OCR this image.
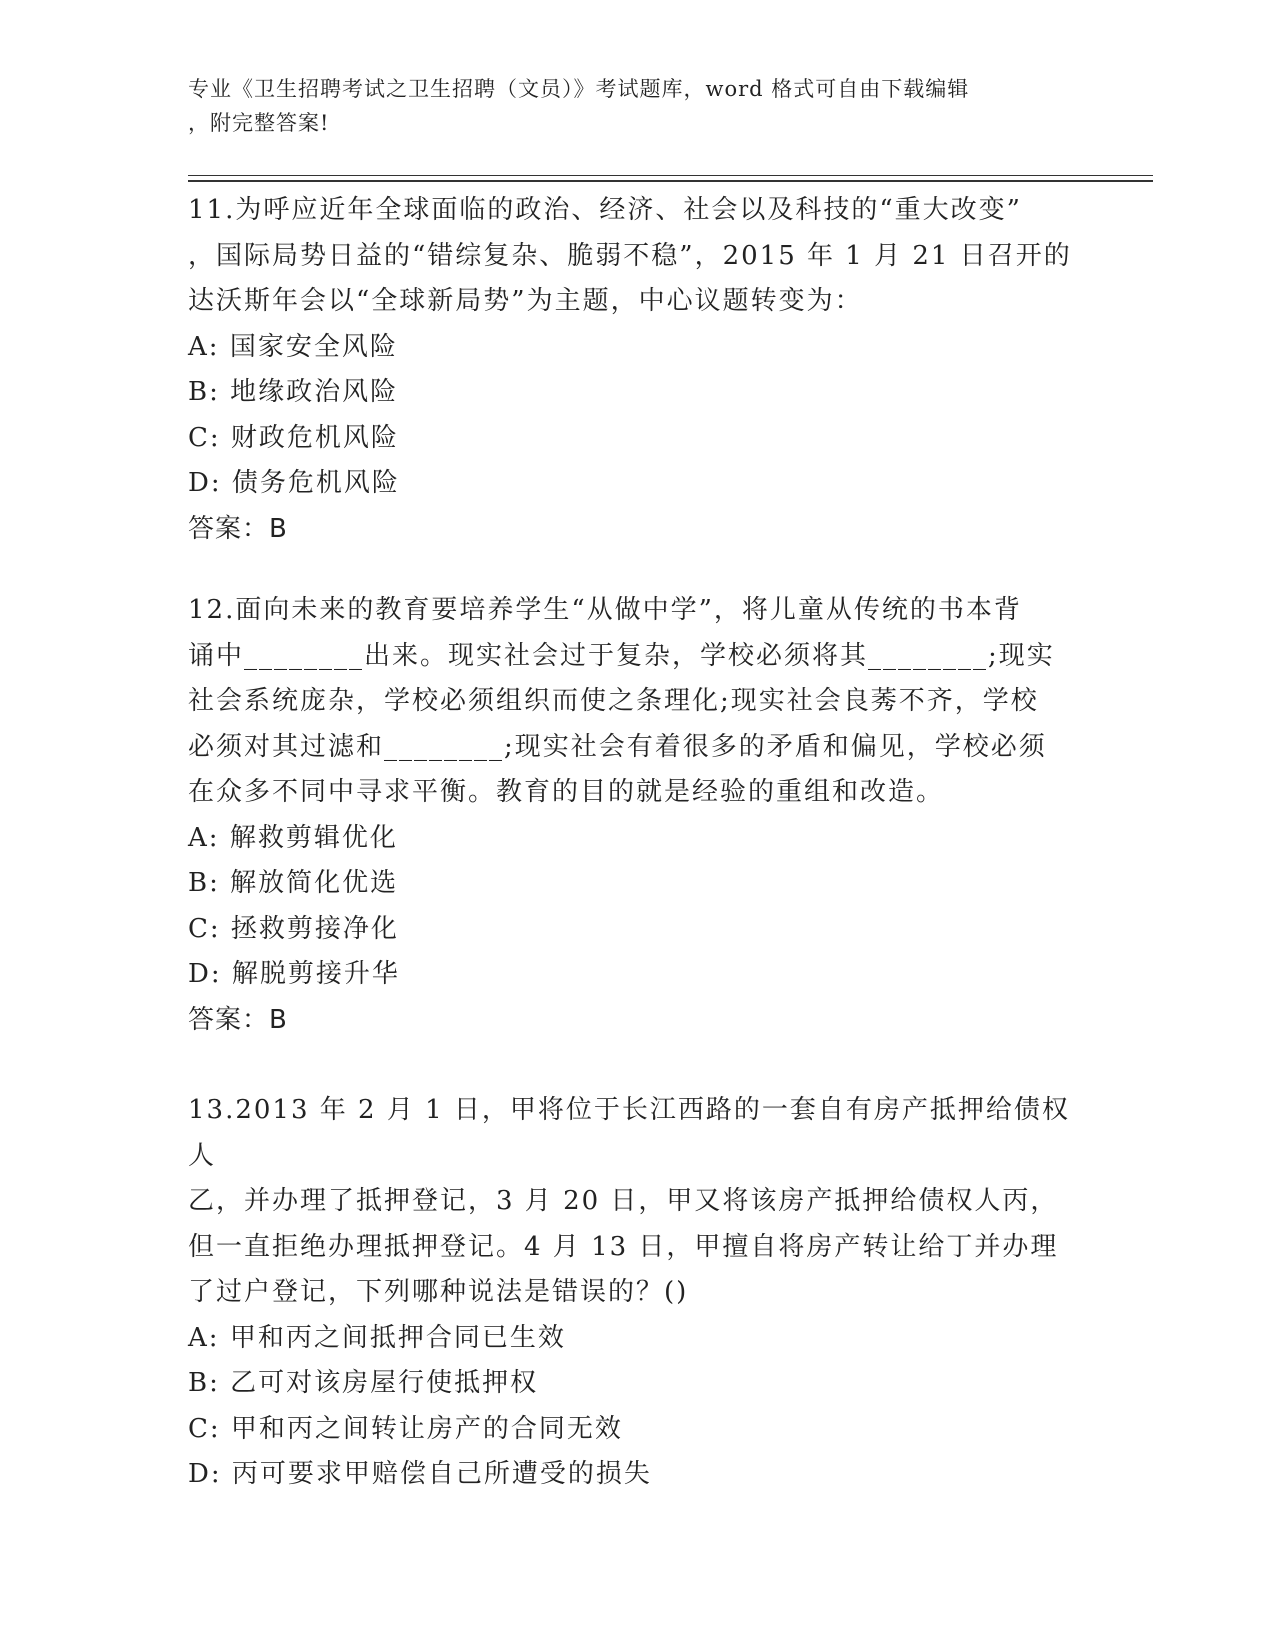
专业《卫生招聘考试之卫生招聘（文员）》考试题库，word 格式可自由下载编辑
，附完整答案!
11.为呼应近年全球面临的政治、经济、社会以及科技的“重大改变”
，国际局势日益的“错综复杂、脆弱不稳”，2015 年 1 月 21 日召开的
达沃斯年会以“全球新局势”为主题，中心议题转变为：
A: 国家安全风险
B: 地缘政治风险
C: 财政危机风险
D: 债务危机风险
答案：B
12.面向未来的教育要培养学生“从做中学”，将儿童从传统的书本背
诵中________出来。现实社会过于复杂，学校必须将其________;现实
社会系统庞杂，学校必须组织而使之条理化;现实社会良莠不齐，学校
必须对其过滤和________;现实社会有着很多的矛盾和偏见，学校必须
在众多不同中寻求平衡。教育的目的就是经验的重组和改造。
A: 解救剪辑优化
B: 解放简化优选
C: 拯救剪接净化
D: 解脱剪接升华
答案：B
13.2013 年 2 月 1 日，甲将位于长江西路的一套自有房产抵押给债权人
乙，并办理了抵押登记，3 月 20 日，甲又将该房产抵押给债权人丙，
但一直拒绝办理抵押登记。4 月 13 日，甲擅自将房产转让给丁并办理
了过户登记，下列哪种说法是错误的？()
A: 甲和丙之间抵押合同已生效
B: 乙可对该房屋行使抵押权
C: 甲和丙之间转让房产的合同无效
D: 丙可要求甲赔偿自己所遭受的损失
